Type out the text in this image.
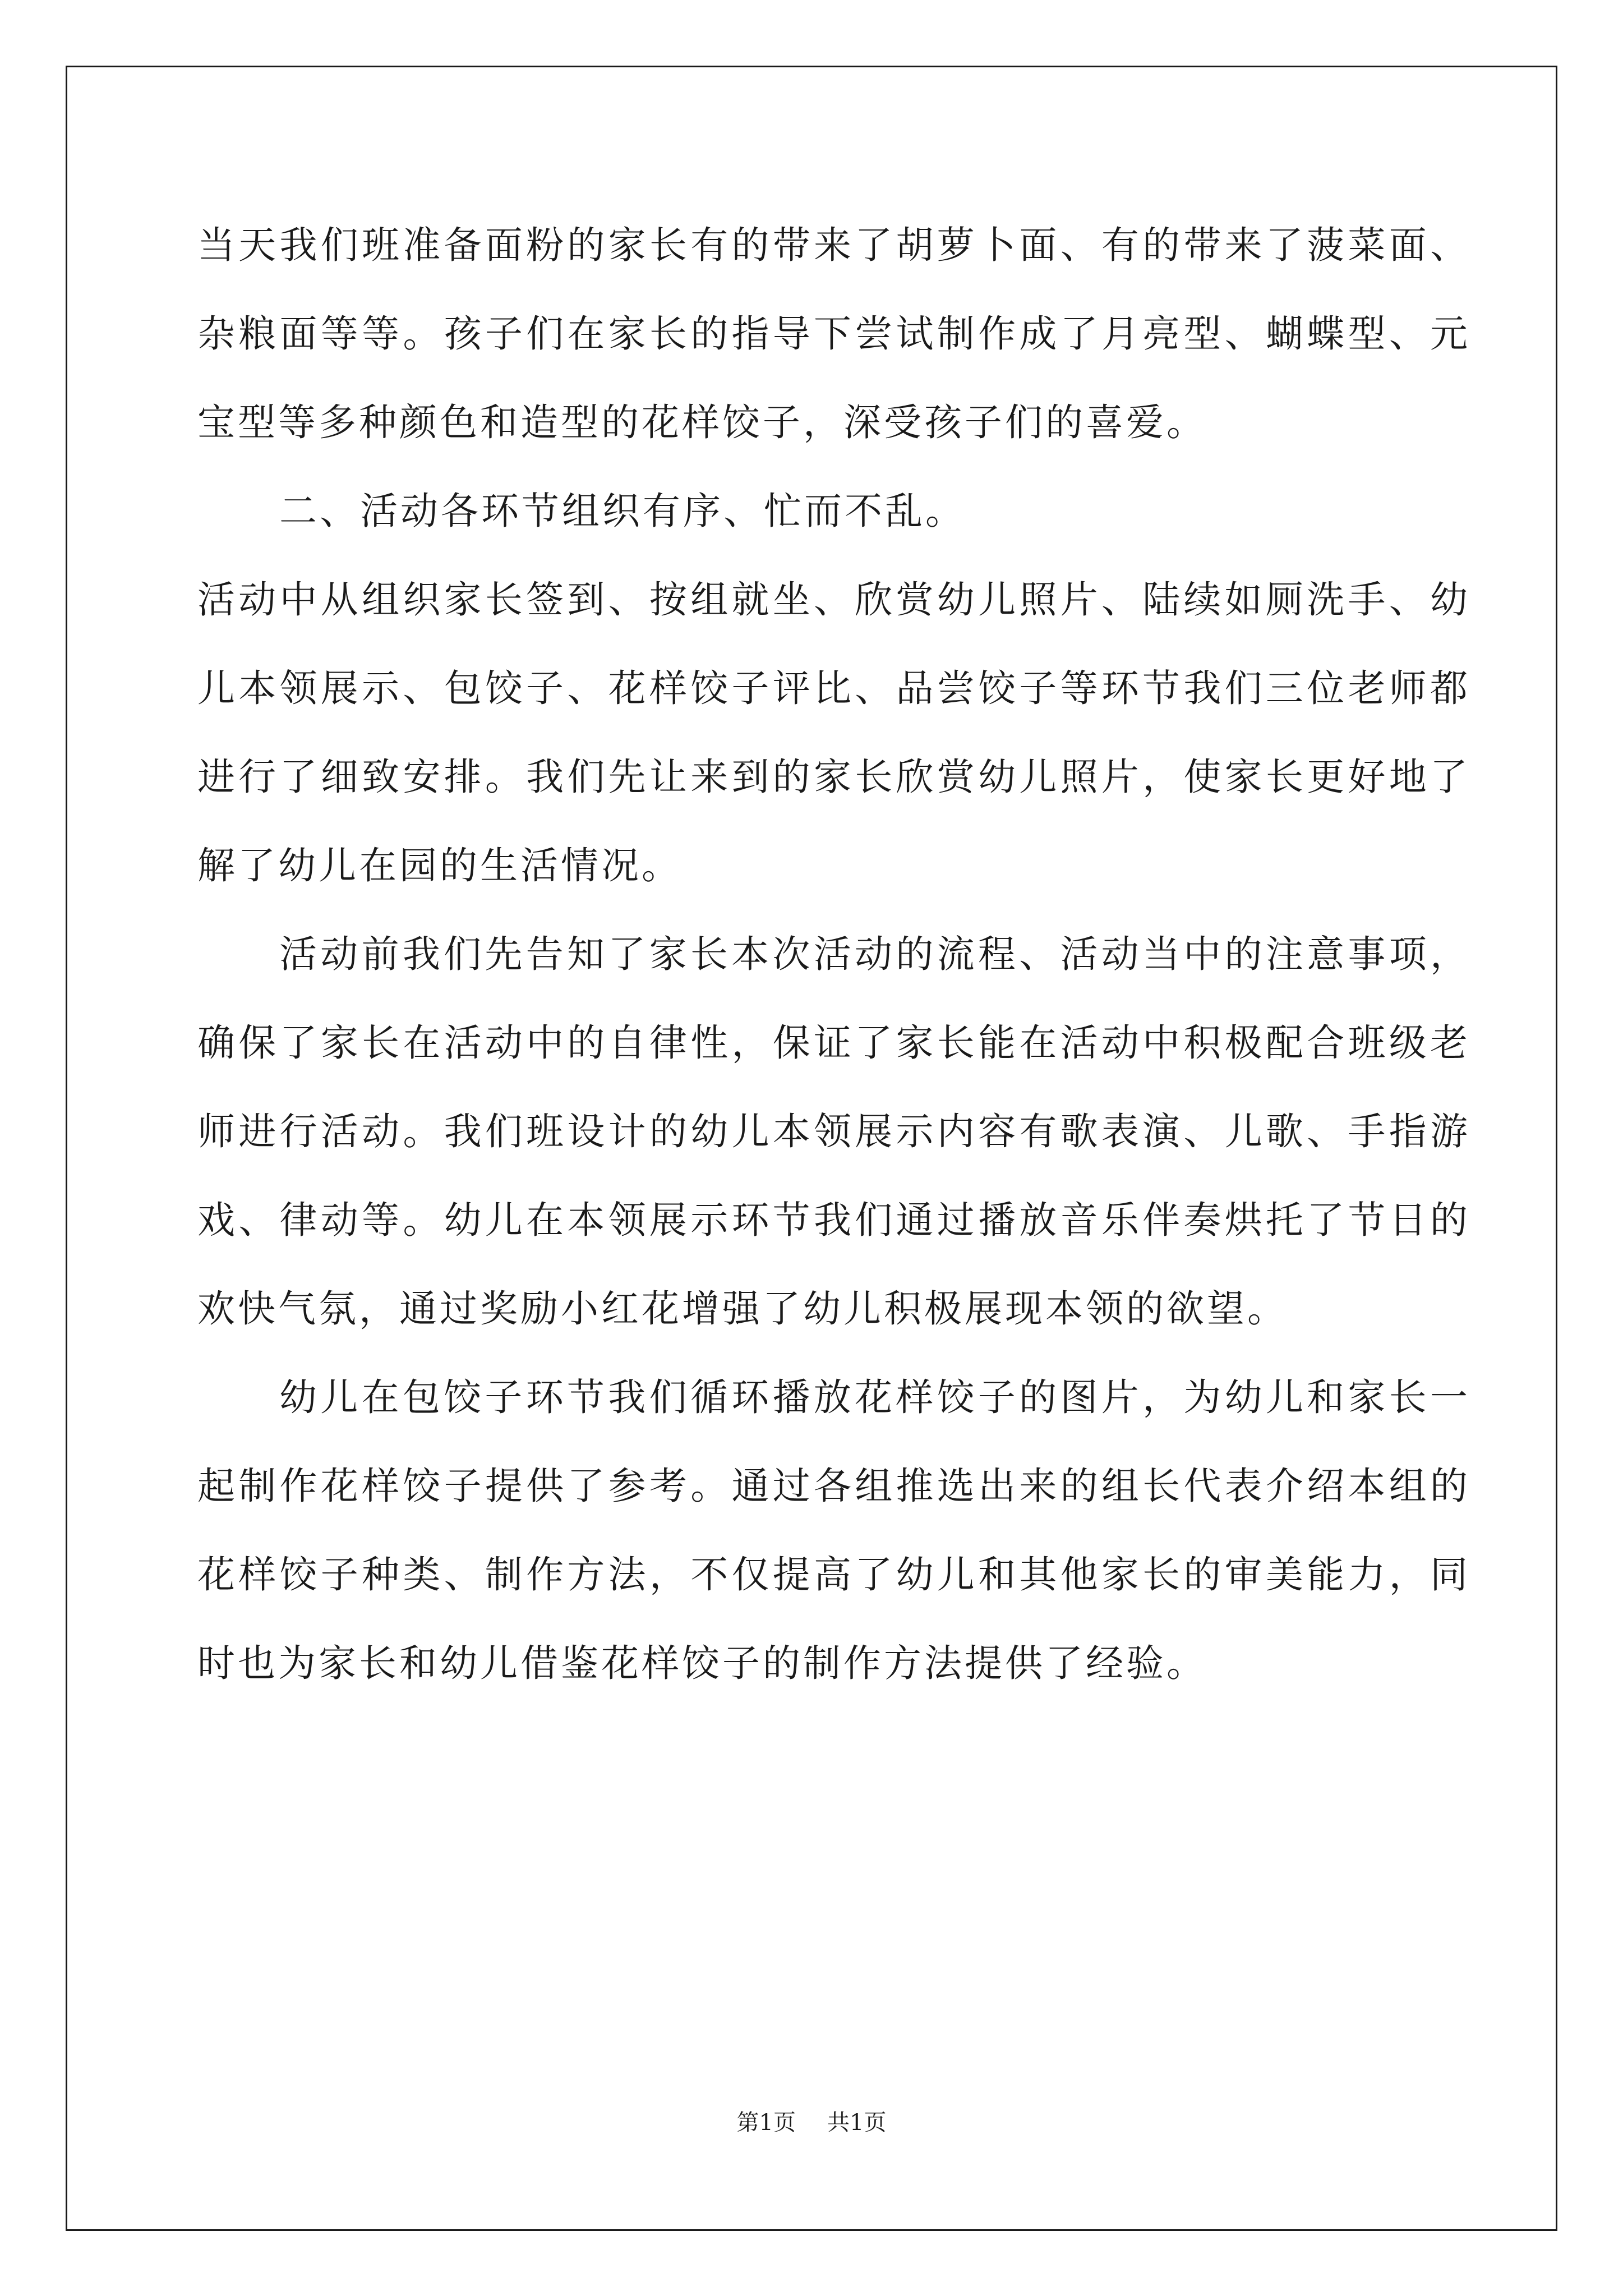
当天我们班准备面粉的家长有的带来了胡萝卜面、有的带来了菠菜面、杂粮面等等。孩子们在家长的指导下尝试制作成了月亮型、蝴蝶型、元宝型等多种颜色和造型的花样饺子，深受孩子们的喜爱。

二、活动各环节组织有序、忙而不乱。

活动中从组织家长签到、按组就坐、欣赏幼儿照片、陆续如厕洗手、幼儿本领展示、包饺子、花样饺子评比、品尝饺子等环节我们三位老师都进行了细致安排。我们先让来到的家长欣赏幼儿照片，使家长更好地了解了幼儿在园的生活情况。

活动前我们先告知了家长本次活动的流程、活动当中的注意事项，确保了家长在活动中的自律性，保证了家长能在活动中积极配合班级老师进行活动。我们班设计的幼儿本领展示内容有歌表演、儿歌、手指游戏、律动等。幼儿在本领展示环节我们通过播放音乐伴奏烘托了节日的欢快气氛，通过奖励小红花增强了幼儿积极展现本领的欲望。

幼儿在包饺子环节我们循环播放花样饺子的图片，为幼儿和家长一起制作花样饺子提供了参考。通过各组推选出来的组长代表介绍本组的花样饺子种类、制作方法，不仅提高了幼儿和其他家长的审美能力，同时也为家长和幼儿借鉴花样饺子的制作方法提供了经验。

第1页 共1页
